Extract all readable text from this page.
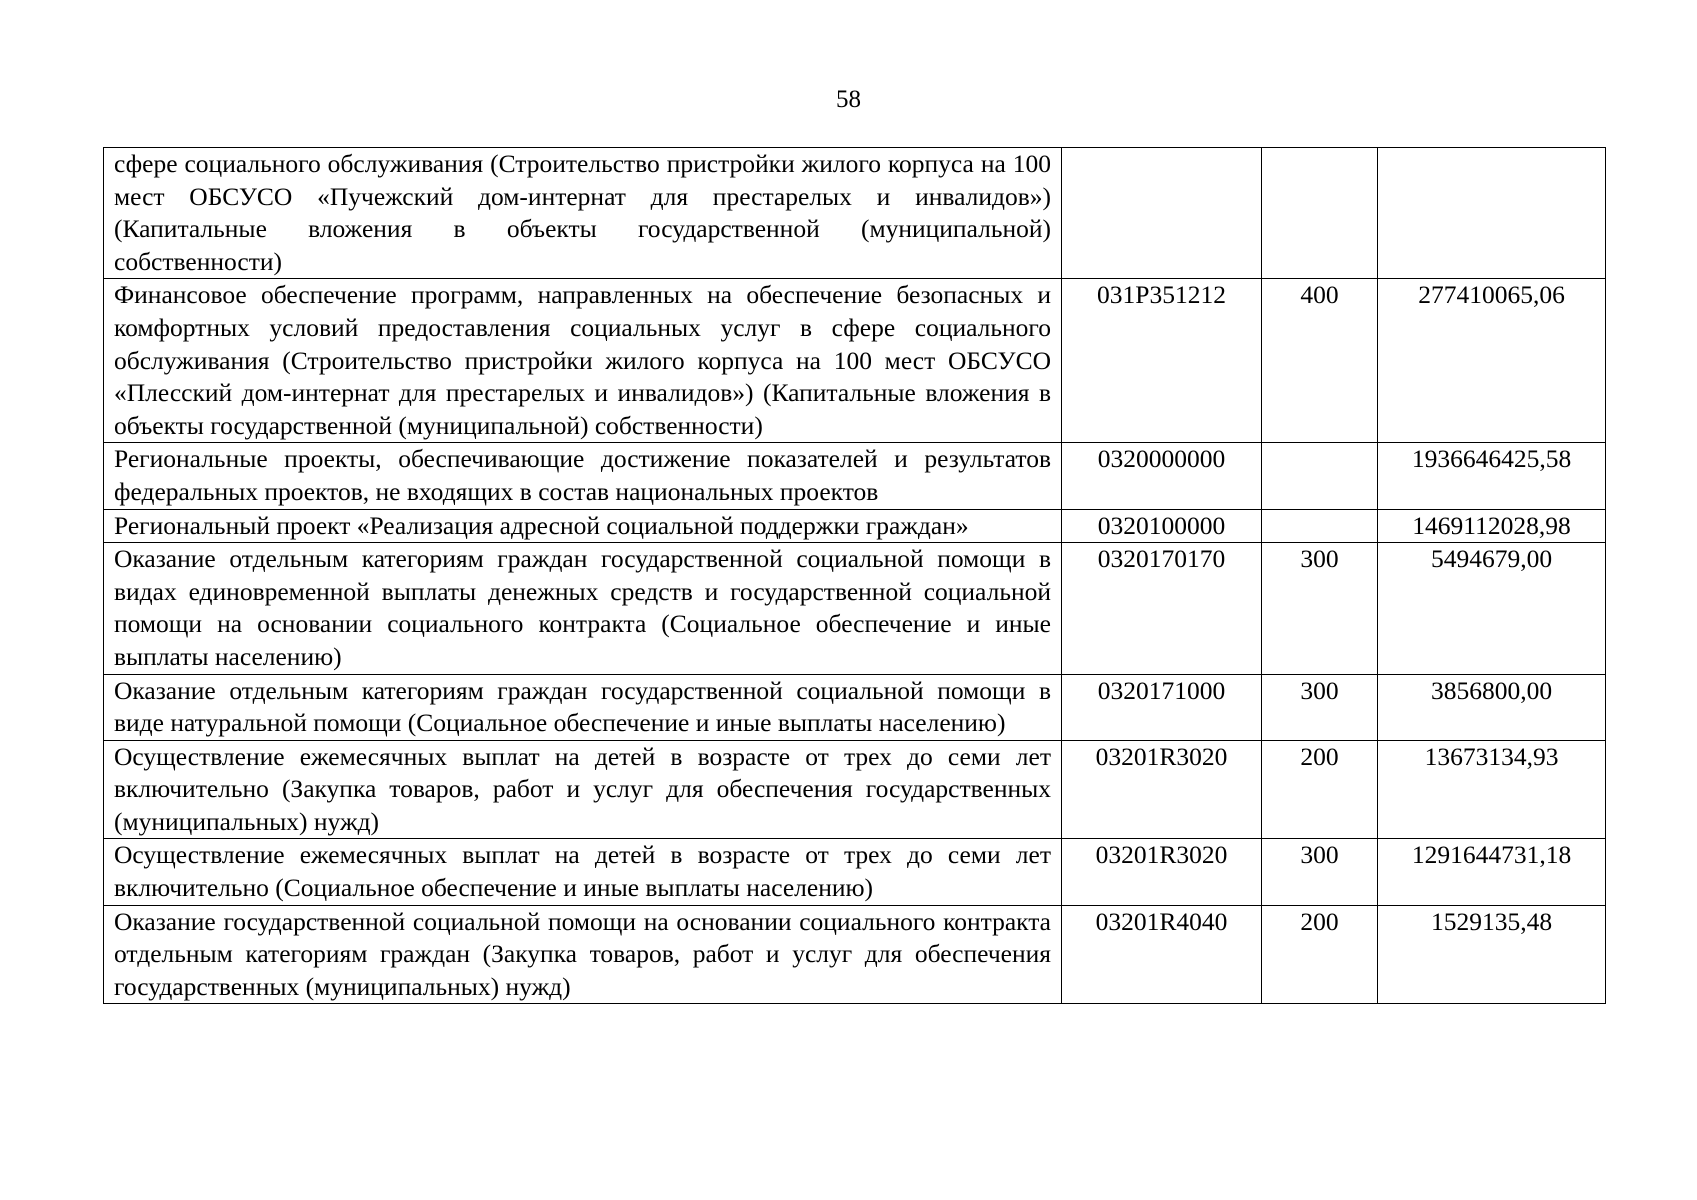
58
сфере социального обслуживания (Строительство пристройки жилого корпуса на 100 мест ОБСУСО «Пучежский дом-интернат для престарелых и инвалидов») (Капитальные вложения в объекты государственной (муниципальной) собственности)			
Финансовое обеспечение программ, направленных на обеспечение безопасных и комфортных условий предоставления социальных услуг в сфере социального обслуживания (Строительство пристройки жилого корпуса на 100 мест ОБСУСО «Плесский дом-интернат для престарелых и инвалидов») (Капитальные вложения в объекты государственной (муниципальной) собственности)	031P351212	400	277410065,06
Региональные проекты, обеспечивающие достижение показателей и результатов федеральных проектов, не входящих в состав национальных проектов	0320000000		1936646425,58
Региональный проект «Реализация адресной социальной поддержки граждан»	0320100000		1469112028,98
Оказание отдельным категориям граждан государственной социальной помощи в видах единовременной выплаты денежных средств и государственной социальной помощи на основании социального контракта (Социальное обеспечение и иные выплаты населению)	0320170170	300	5494679,00
Оказание отдельным категориям граждан государственной социальной помощи в виде натуральной помощи (Социальное обеспечение и иные выплаты населению)	0320171000	300	3856800,00
Осуществление ежемесячных выплат на детей в возрасте от трех до семи лет включительно (Закупка товаров, работ и услуг для обеспечения государственных (муниципальных) нужд)	03201R3020	200	13673134,93
Осуществление ежемесячных выплат на детей в возрасте от трех до семи лет включительно (Социальное обеспечение и иные выплаты населению)	03201R3020	300	1291644731,18
Оказание государственной социальной помощи на основании социального контракта отдельным категориям граждан (Закупка товаров, работ и услуг для обеспечения государственных (муниципальных) нужд)	03201R4040	200	1529135,48
